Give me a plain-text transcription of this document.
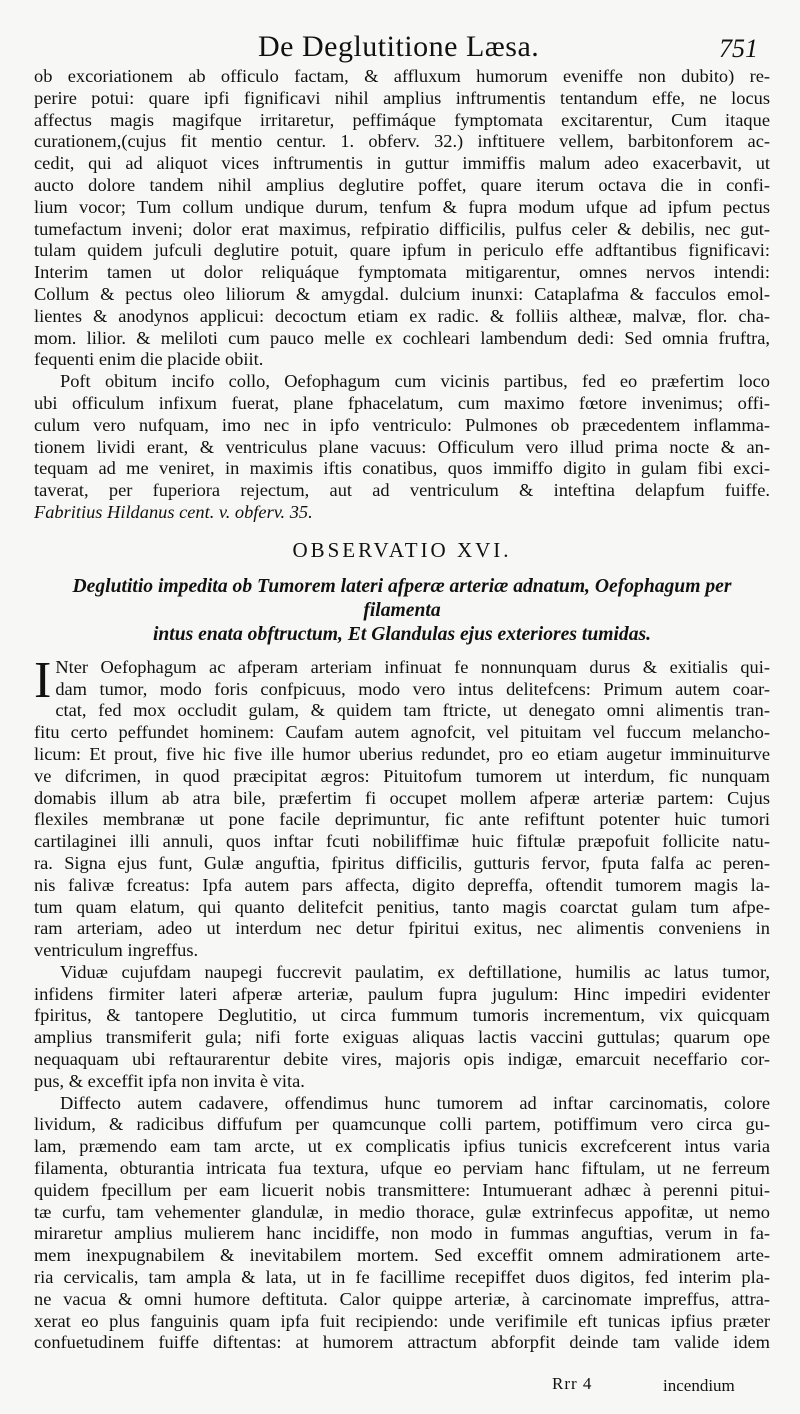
De Deglutitione Læsa.	751
ob excoriationem ab officulo factam, & affluxum humorum eveniffe non dubito) re-
perire potui: quare ipfi fignificavi nihil amplius inftrumentis tentandum effe, ne locus
affectus magis magifque irritaretur, peffimáque fymptomata excitarentur, Cum itaque
curationem,(cujus fit mentio centur. 1. obferv. 32.) inftituere vellem, barbitonforem ac-
cedit, qui ad aliquot vices inftrumentis in guttur immiffis malum adeo exacerbavit, ut
aucto dolore tandem nihil amplius deglutire poffet, quare iterum octava die in confi-
lium vocor; Tum collum undique durum, tenfum & fupra modum ufque ad ipfum pectus
tumefactum inveni; dolor erat maximus, refpiratio difficilis, pulfus celer & debilis, nec gut-
tulam quidem jufculi deglutire potuit, quare ipfum in periculo effe adftantibus fignificavi:
Interim tamen ut dolor reliquáque fymptomata mitigarentur, omnes nervos intendi:
Collum & pectus oleo liliorum & amygdal. dulcium inunxi: Cataplafma & facculos emol-
lientes & anodynos applicui: decoctum etiam ex radic. & folliis altheæ, malvæ, flor. cha-
mom. lilior. & meliloti cum pauco melle ex cochleari lambendum dedi: Sed omnia fruftra,
fequenti enim die placide obiit.
Poft obitum incifo collo, Oefophagum cum vicinis partibus, fed eo præfertim loco
ubi officulum infixum fuerat, plane fphacelatum, cum maximo fœtore invenimus; offi-
culum vero nufquam, imo nec in ipfo ventriculo: Pulmones ob præcedentem inflamma-
tionem lividi erant, & ventriculus plane vacuus: Officulum vero illud prima nocte & an-
tequam ad me veniret, in maximis iftis conatibus, quos immiffo digito in gulam fibi exci-
taverat, per fuperiora rejectum, aut ad ventriculum & inteftina delapfum fuiffe.
Fabritius Hildanus cent. v. obferv. 35.
OBSERVATIO XVI.
Deglutitio impedita ob Tumorem lateri afperæ arteriæ adnatum, Oefophagum per filamenta
intus enata obftructum, Et Glandulas ejus exteriores tumidas.
I Nter Oefophagum ac afperam arteriam infinuat fe nonnunquam durus & exitialis qui-
dam tumor, modo foris confpicuus, modo vero intus delitefcens: Primum autem coar-
ctat, fed mox occludit gulam, & quidem tam ftricte, ut denegato omni alimentis tran-
fitu certo peffundet hominem: Caufam autem agnofcit, vel pituitam vel fuccum melancho-
licum: Et prout, five hic five ille humor uberius redundet, pro eo etiam augetur imminuiturve
ve difcrimen, in quod præcipitat ægros: Pituitofum tumorem ut interdum, fic nunquam
domabis illum ab atra bile, præfertim fi occupet mollem afperæ arteriæ partem: Cujus
flexiles membranæ ut pone facile deprimuntur, fic ante refiftunt potenter huic tumori
cartilaginei illi annuli, quos inftar fcuti nobiliffimæ huic fiftulæ præpofuit follicite natu-
ra. Signa ejus funt, Gulæ anguftia, fpiritus difficilis, gutturis fervor, fputa falfa ac peren-
nis falivæ fcreatus: Ipfa autem pars affecta, digito depreffa, oftendit tumorem magis la-
tum quam elatum, qui quanto delitefcit penitius, tanto magis coarctat gulam tum afpe-
ram arteriam, adeo ut interdum nec detur fpiritui exitus, nec alimentis conveniens in
ventriculum ingreffus.
Viduæ cujufdam naupegi fuccrevit paulatim, ex deftillatione, humilis ac latus tumor,
infidens firmiter lateri afperæ arteriæ, paulum fupra jugulum: Hinc impediri evidenter
fpiritus, & tantopere Deglutitio, ut circa fummum tumoris incrementum, vix quicquam
amplius transmiferit gula; nifi forte exiguas aliquas lactis vaccini guttulas; quarum ope
nequaquam ubi reftaurarentur debite vires, majoris opis indigæ, emarcuit neceffario cor-
pus, & exceffit ipfa non invita è vita.
Diffecto autem cadavere, offendimus hunc tumorem ad inftar carcinomatis, colore
lividum, & radicibus diffufum per quamcunque colli partem, potiffimum vero circa gu-
lam, præmendo eam tam arcte, ut ex complicatis ipfius tunicis excrefcerent intus varia
filamenta, obturantia intricata fua textura, ufque eo perviam hanc fiftulam, ut ne ferreum
quidem fpecillum per eam licuerit nobis transmittere: Intumuerant adhæc à perenni pitui-
tæ curfu, tam vehementer glandulæ, in medio thorace, gulæ extrinfecus appofitæ, ut nemo
miraretur amplius mulierem hanc incidiffe, non modo in fummas anguftias, verum in fa-
mem inexpugnabilem & inevitabilem mortem. Sed exceffit omnem admirationem arte-
ria cervicalis, tam ampla & lata, ut in fe facillime recepiffet duos digitos, fed interim pla-
ne vacua & omni humore deftituta. Calor quippe arteriæ, à carcinomate impreffus, attra-
xerat eo plus fanguinis quam ipfa fuit recipiendo: unde verifimile eft tunicas ipfius præter
confuetudinem fuiffe diftentas: at humorem attractum abforpfit deinde tam valide idem
Rrr 4	incendium
